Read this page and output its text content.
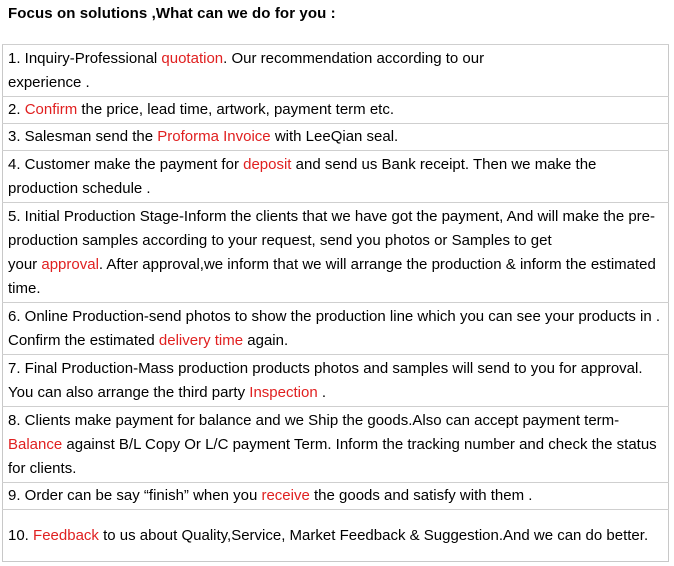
Focus on solutions ,What can we do for you :
1. Inquiry-Professional quotation. Our recommendation according to our
experience .
2. Confirm the price, lead time, artwork, payment term etc.
3. Salesman send the Proforma Invoice with LeeQian seal.
4. Customer make the payment for deposit and send us Bank receipt. Then we make the production schedule .
5. Initial Production Stage-Inform the clients that we have got the payment, And will make the pre-production samples according to your request, send you photos or Samples to get
your approval. After approval,we inform that we will arrange the production & inform the estimated time.
6. Online Production-send photos to show the production line which you can see your products in . Confirm the estimated delivery time again.
7. Final Production-Mass production products photos and samples will send to you for approval. You can also arrange the third party Inspection .
8. Clients make payment for balance and we Ship the goods.Also can accept payment term-
Balance against B/L Copy Or L/C payment Term. Inform the tracking number and check the status for clients.
9. Order can be say “finish” when you receive the goods and satisfy with them .
10. Feedback to us about Quality,Service, Market Feedback & Suggestion.And we can do better.
